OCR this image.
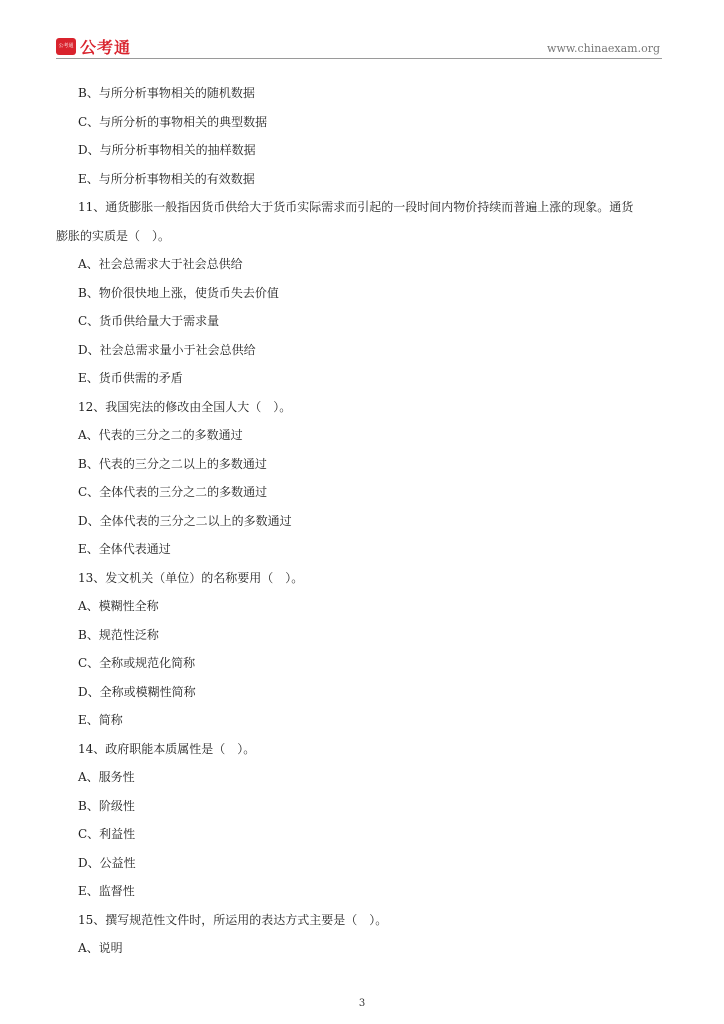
公考通 公考通	www.chinaexam.org
B、与所分析事物相关的随机数据
C、与所分析的事物相关的典型数据
D、与所分析事物相关的抽样数据
E、与所分析事物相关的有效数据
11、通货膨胀一般指因货币供给大于货币实际需求而引起的一段时间内物价持续而普遍上涨的现象。通货
膨胀的实质是（　）。
A、社会总需求大于社会总供给
B、物价很快地上涨，使货币失去价值
C、货币供给量大于需求量
D、社会总需求量小于社会总供给
E、货币供需的矛盾
12、我国宪法的修改由全国人大（　）。
A、代表的三分之二的多数通过
B、代表的三分之二以上的多数通过
C、全体代表的三分之二的多数通过
D、全体代表的三分之二以上的多数通过
E、全体代表通过
13、发文机关（单位）的名称要用（　）。
A、模糊性全称
B、规范性泛称
C、全称或规范化简称
D、全称或模糊性简称
E、简称
14、政府职能本质属性是（　）。
A、服务性
B、阶级性
C、利益性
D、公益性
E、监督性
15、撰写规范性文件时，所运用的表达方式主要是（　）。
A、说明
3
